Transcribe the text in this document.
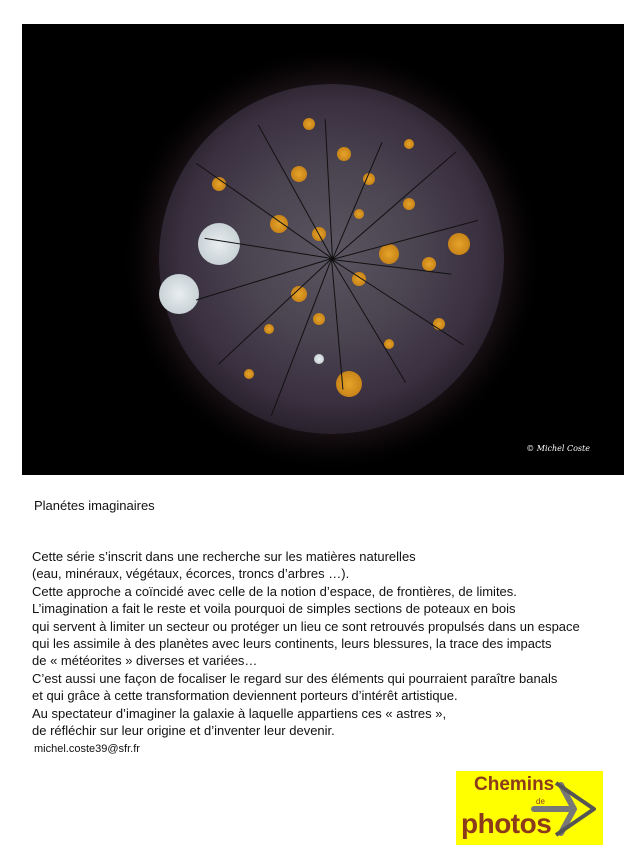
© Michel Coste
Planétes imaginaires
Cette série s’inscrit dans une recherche sur les matières naturelles
(eau, minéraux, végétaux, écorces, troncs d’arbres …).
Cette approche a coïncidé avec celle de la notion d’espace, de frontières, de limites.
L’imagination a fait le reste et voila pourquoi de simples sections de poteaux en bois
qui servent à limiter un secteur ou protéger un lieu ce sont retrouvés propulsés dans un espace
qui les assimile à des planètes avec leurs continents, leurs blessures, la trace des impacts
de « météorites » diverses et variées…
C’est aussi une façon de focaliser le regard sur des éléments qui pourraient paraître banals
et qui grâce à cette transformation deviennent porteurs d’intérêt artistique.
Au spectateur d’imaginer la galaxie à laquelle appartiens ces « astres »,
de réfléchir sur leur origine et d’inventer leur devenir.
michel.coste39@sfr.fr
Chemins
de
photos
